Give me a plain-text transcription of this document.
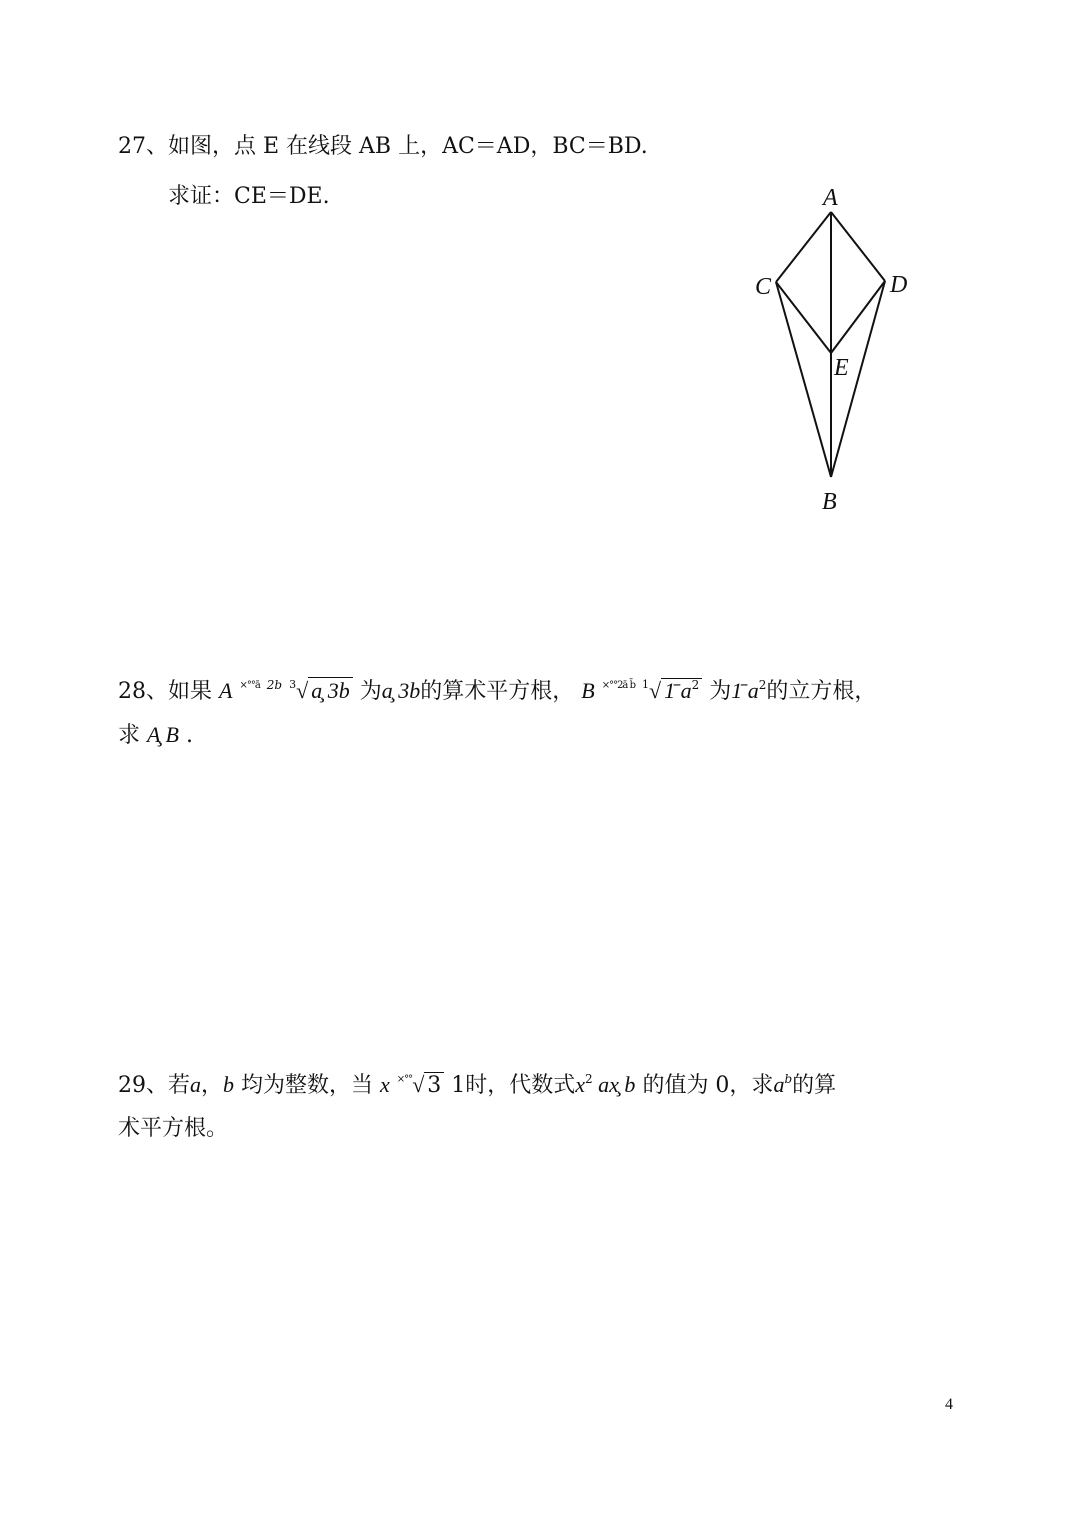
27、如图，点 E 在线段 AB 上，AC＝AD，BC＝BD.
求证：CE＝DE.	A
C	D
E
B
28、如果 A $^{\times^\circ^\circ ā}$ $^{2b}$ $^3$√ a̧ 3b 为a̧ 3b的算术平方根， B $^{\times^\circ^\circ 2ā b̄}$ $^1$√ 1̄ $a^2$ 为1̄ $a^2$的立方根，
求 A̧ B .
29、若a，b 均为整数，当 x ×°°√ 3 1时，代数式$x^2$ ax̧ b 的值为 0，求$a^b$的算
术平方根。
4
